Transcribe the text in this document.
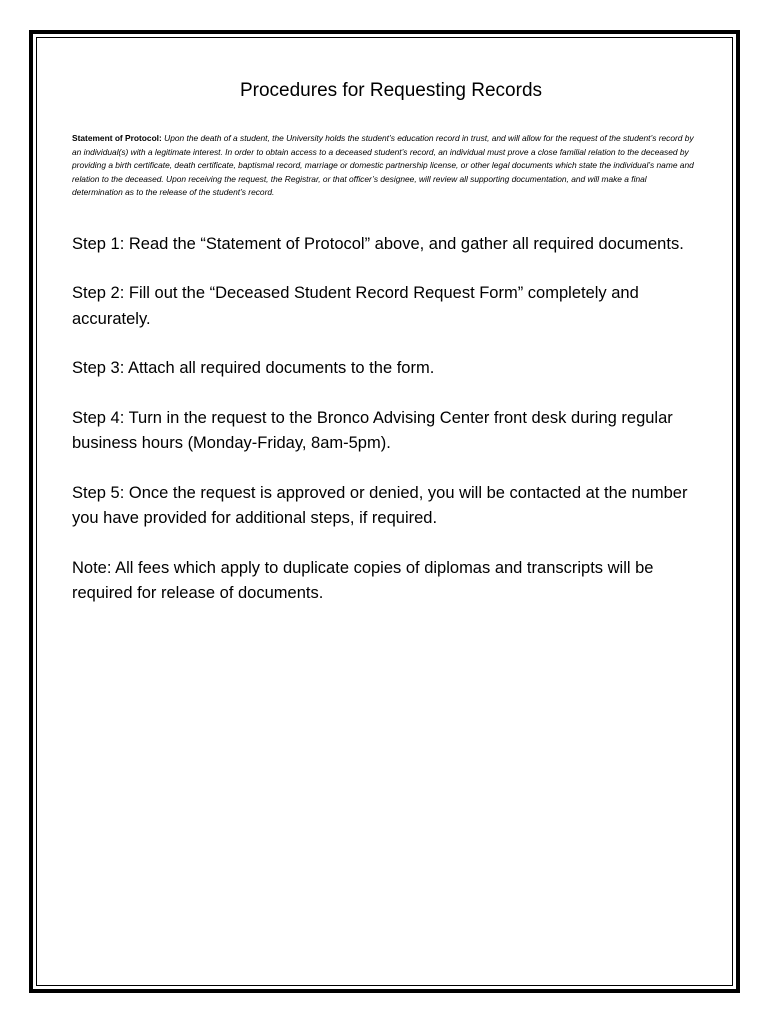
Procedures for Requesting Records

Statement of Protocol: Upon the death of a student, the University holds the student’s education record in trust, and will allow for the request of the student’s record by an individual(s) with a legitimate interest. In order to obtain access to a deceased student’s record, an individual must prove a close familial relation to the deceased by providing a birth certificate, death certificate, baptismal record, marriage or domestic partnership license, or other legal documents which state the individual’s name and relation to the deceased. Upon receiving the request, the Registrar, or that officer’s designee, will review all supporting documentation, and will make a final determination as to the release of the student’s record.

Step 1: Read the “Statement of Protocol” above, and gather all required documents.
Step 2: Fill out the “Deceased Student Record Request Form” completely and accurately.
Step 3: Attach all required documents to the form.
Step 4: Turn in the request to the Bronco Advising Center front desk during regular business hours (Monday-Friday, 8am-5pm).
Step 5: Once the request is approved or denied, you will be contacted at the number you have provided for additional steps, if required.

Note: All fees which apply to duplicate copies of diplomas and transcripts will be required for release of documents.
